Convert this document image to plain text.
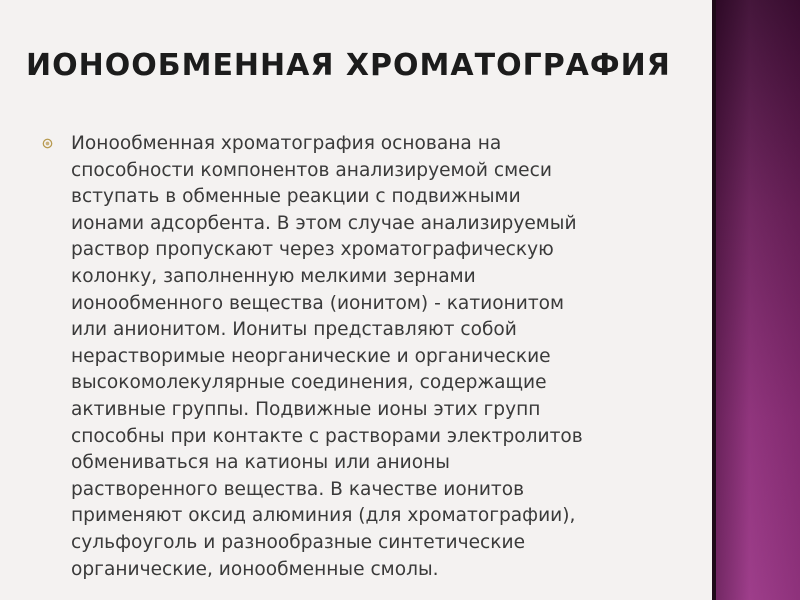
ИОНООБМЕННАЯ ХРОМАТОГРАФИЯ

Ионообменная хроматография основана на
способности компонентов анализируемой смеси
вступать в обменные реакции с подвижными
ионами адсорбента. В этом случае анализируемый
раствор пропускают через хроматографическую
колонку, заполненную мелкими зернами
ионообменного вещества (ионитом) - катионитом
или анионитом. Иониты представляют собой
нерастворимые неорганические и органические
высокомолекулярные соединения, содержащие
активные группы. Подвижные ионы этих групп
способны при контакте с растворами электролитов
обмениваться на катионы или анионы
растворенного вещества. В качестве ионитов
применяют оксид алюминия (для хроматографии),
сульфоуголь и разнообразные синтетические
органические, ионообменные смолы.
